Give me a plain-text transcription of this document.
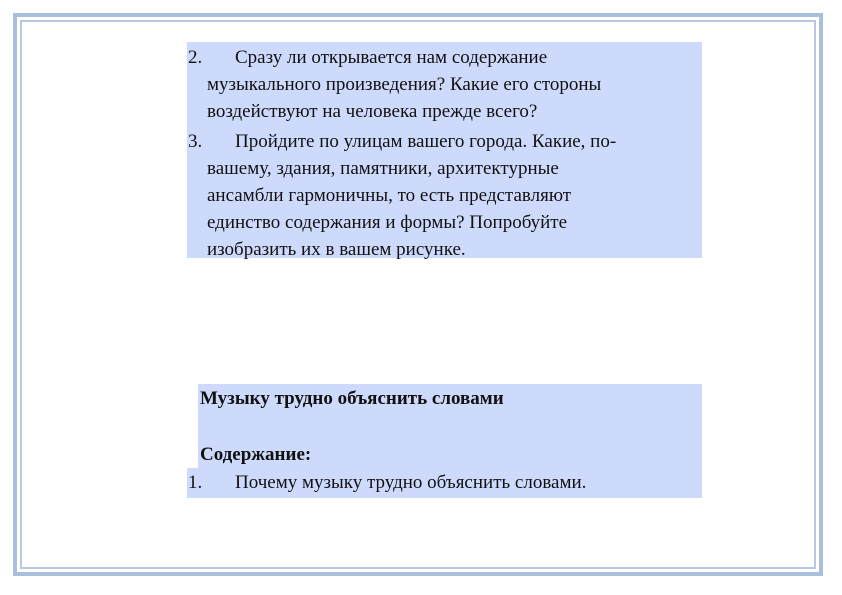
2. Сразу ли открывается нам содержание
музыкального произведения? Какие его стороны
воздействуют на человека прежде всего?
3. Пройдите по улицам вашего города. Какие, по-
вашему, здания, памятники, архитектурные
ансамбли гармоничны, то есть представляют
единство содержания и формы? Попробуйте
изобразить их в вашем рисунке.
Музыку трудно объяснить словами
Содержание:
1. Почему музыку трудно объяснить словами.
